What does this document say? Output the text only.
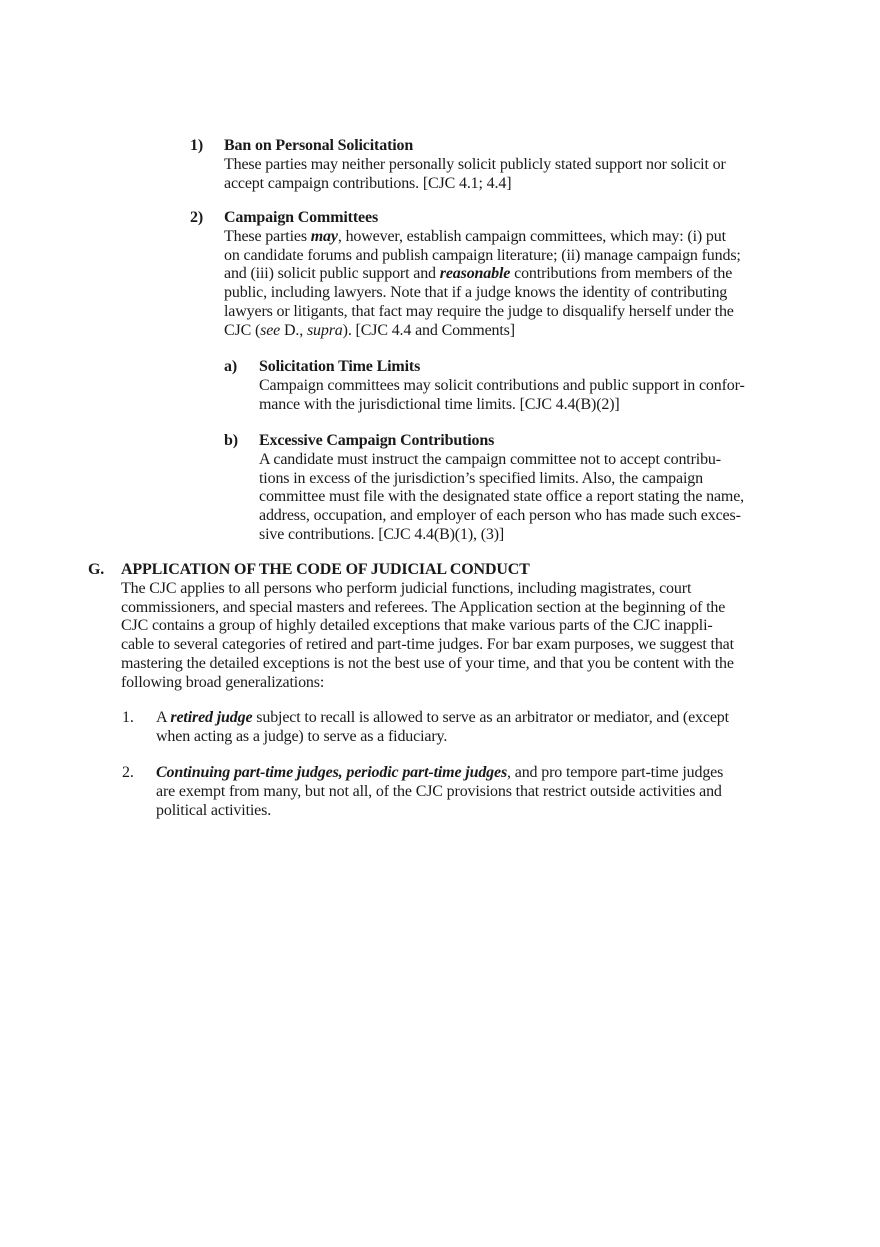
1) Ban on Personal Solicitation
These parties may neither personally solicit publicly stated support nor solicit or
accept campaign contributions. [CJC 4.1; 4.4]
2) Campaign Committees
These parties may, however, establish campaign committees, which may: (i) put
on candidate forums and publish campaign literature; (ii) manage campaign funds;
and (iii) solicit public support and reasonable contributions from members of the
public, including lawyers. Note that if a judge knows the identity of contributing
lawyers or litigants, that fact may require the judge to disqualify herself under the
CJC (see D., supra). [CJC 4.4 and Comments]
a) Solicitation Time Limits
Campaign committees may solicit contributions and public support in confor-
mance with the jurisdictional time limits. [CJC 4.4(B)(2)]
b) Excessive Campaign Contributions
A candidate must instruct the campaign committee not to accept contribu-
tions in excess of the jurisdiction’s specified limits. Also, the campaign
committee must file with the designated state office a report stating the name,
address, occupation, and employer of each person who has made such exces-
sive contributions. [CJC 4.4(B)(1), (3)]
G. APPLICATION OF THE CODE OF JUDICIAL CONDUCT
The CJC applies to all persons who perform judicial functions, including magistrates, court
commissioners, and special masters and referees. The Application section at the beginning of the
CJC contains a group of highly detailed exceptions that make various parts of the CJC inappli-
cable to several categories of retired and part-time judges. For bar exam purposes, we suggest that
mastering the detailed exceptions is not the best use of your time, and that you be content with the
following broad generalizations:
1. A retired judge subject to recall is allowed to serve as an arbitrator or mediator, and (except
when acting as a judge) to serve as a fiduciary.
2. Continuing part-time judges, periodic part-time judges, and pro tempore part-time judges
are exempt from many, but not all, of the CJC provisions that restrict outside activities and
political activities.
